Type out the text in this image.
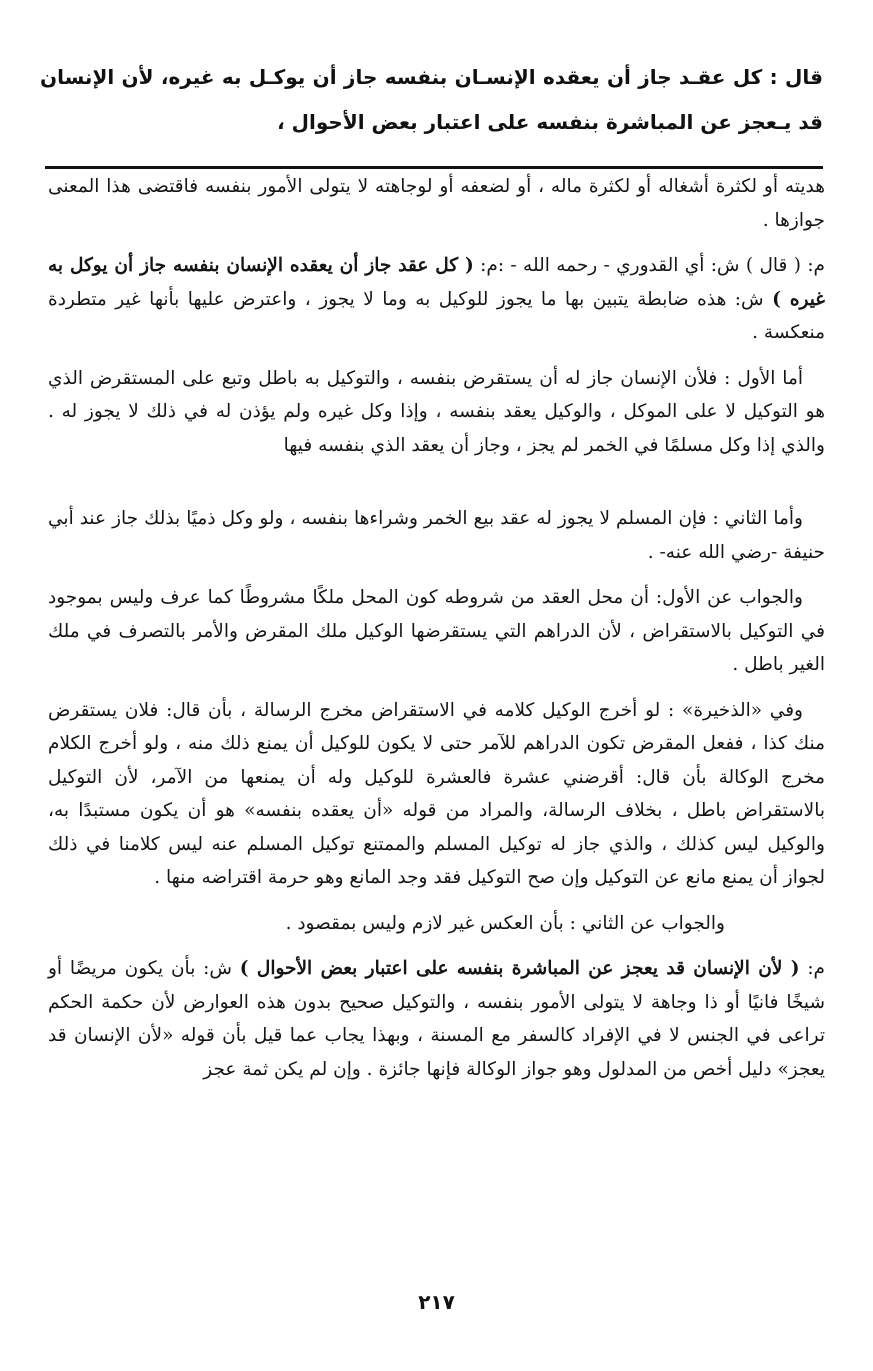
قال : كل عقـد جاز أن يعقده الإنسـان بنفسه جاز أن يوكـل به غيره، لأن الإنسان قد يـعجز عن المباشرة بنفسه على اعتبار بعض الأحوال ،

هديته أو لكثرة أشغاله أو لكثرة ماله ، أو لضعفه أو لوجاهته لا يتولى الأمور بنفسه فاقتضى هذا المعنى جوازها .

م: ( قال ) ش: أي القدوري - رحمه الله - :م: ( كل عقد جاز أن يعقده الإنسان بنفسه جاز أن يوكل به غيره ) ش: هذه ضابطة يتبين بها ما يجوز للوكيل به وما لا يجوز ، واعترض عليها بأنها غير متطردة منعكسة .

أما الأول : فلأن الإنسان جاز له أن يستقرض بنفسه ، والتوكيل به باطل وتبع على المستقرض الذي هو التوكيل لا على الموكل ، والوكيل يعقد بنفسه ، وإذا وكل غيره ولم يؤذن له في ذلك لا يجوز له . والذي إذا وكل مسلمًا في الخمر لم يجز ، وجاز أن يعقد الذي بنفسه فيها

وأما الثاني : فإن المسلم لا يجوز له عقد بيع الخمر وشراءها بنفسه ، ولو وكل ذميًا بذلك جاز عند أبي حنيفة -رضي الله عنه- .

والجواب عن الأول: أن محل العقد من شروطه كون المحل ملكًا مشروطًا كما عرف وليس بموجود في التوكيل بالاستقراض ، لأن الدراهم التي يستقرضها الوكيل ملك المقرض والأمر بالتصرف في ملك الغير باطل .

وفي «الذخيرة» : لو أخرج الوكيل كلامه في الاستقراض مخرج الرسالة ، بأن قال: فلان يستقرض منك كذا ، ففعل المقرض تكون الدراهم للآمر حتى لا يكون للوكيل أن يمنع ذلك منه ، ولو أخرج الكلام مخرج الوكالة بأن قال: أقرضني عشرة فالعشرة للوكيل وله أن يمنعها من الآمر، لأن التوكيل بالاستقراض باطل ، بخلاف الرسالة، والمراد من قوله «أن يعقده بنفسه» هو أن يكون مستبدًا به، والوكيل ليس كذلك ، والذي جاز له توكيل المسلم والممتنع توكيل المسلم عنه ليس كلامنا في ذلك لجواز أن يمنع مانع عن التوكيل وإن صح التوكيل فقد وجد المانع وهو حرمة اقتراضه منها .

والجواب عن الثاني : بأن العكس غير لازم وليس بمقصود .

م: ( لأن الإنسان قد يعجز عن المباشرة بنفسه على اعتبار بعض الأحوال ) ش: بأن يكون مريضًا أو شيخًا فانيًا أو ذا وجاهة لا يتولى الأمور بنفسه ، والتوكيل صحيح بدون هذه العوارض لأن حكمة الحكم تراعى في الجنس لا في الإفراد كالسفر مع المسنة ، وبهذا يجاب عما قيل بأن قوله «لأن الإنسان قد يعجز» دليل أخص من المدلول وهو جواز الوكالة فإنها جائزة . وإن لم يكن ثمة عجز

٢١٧
